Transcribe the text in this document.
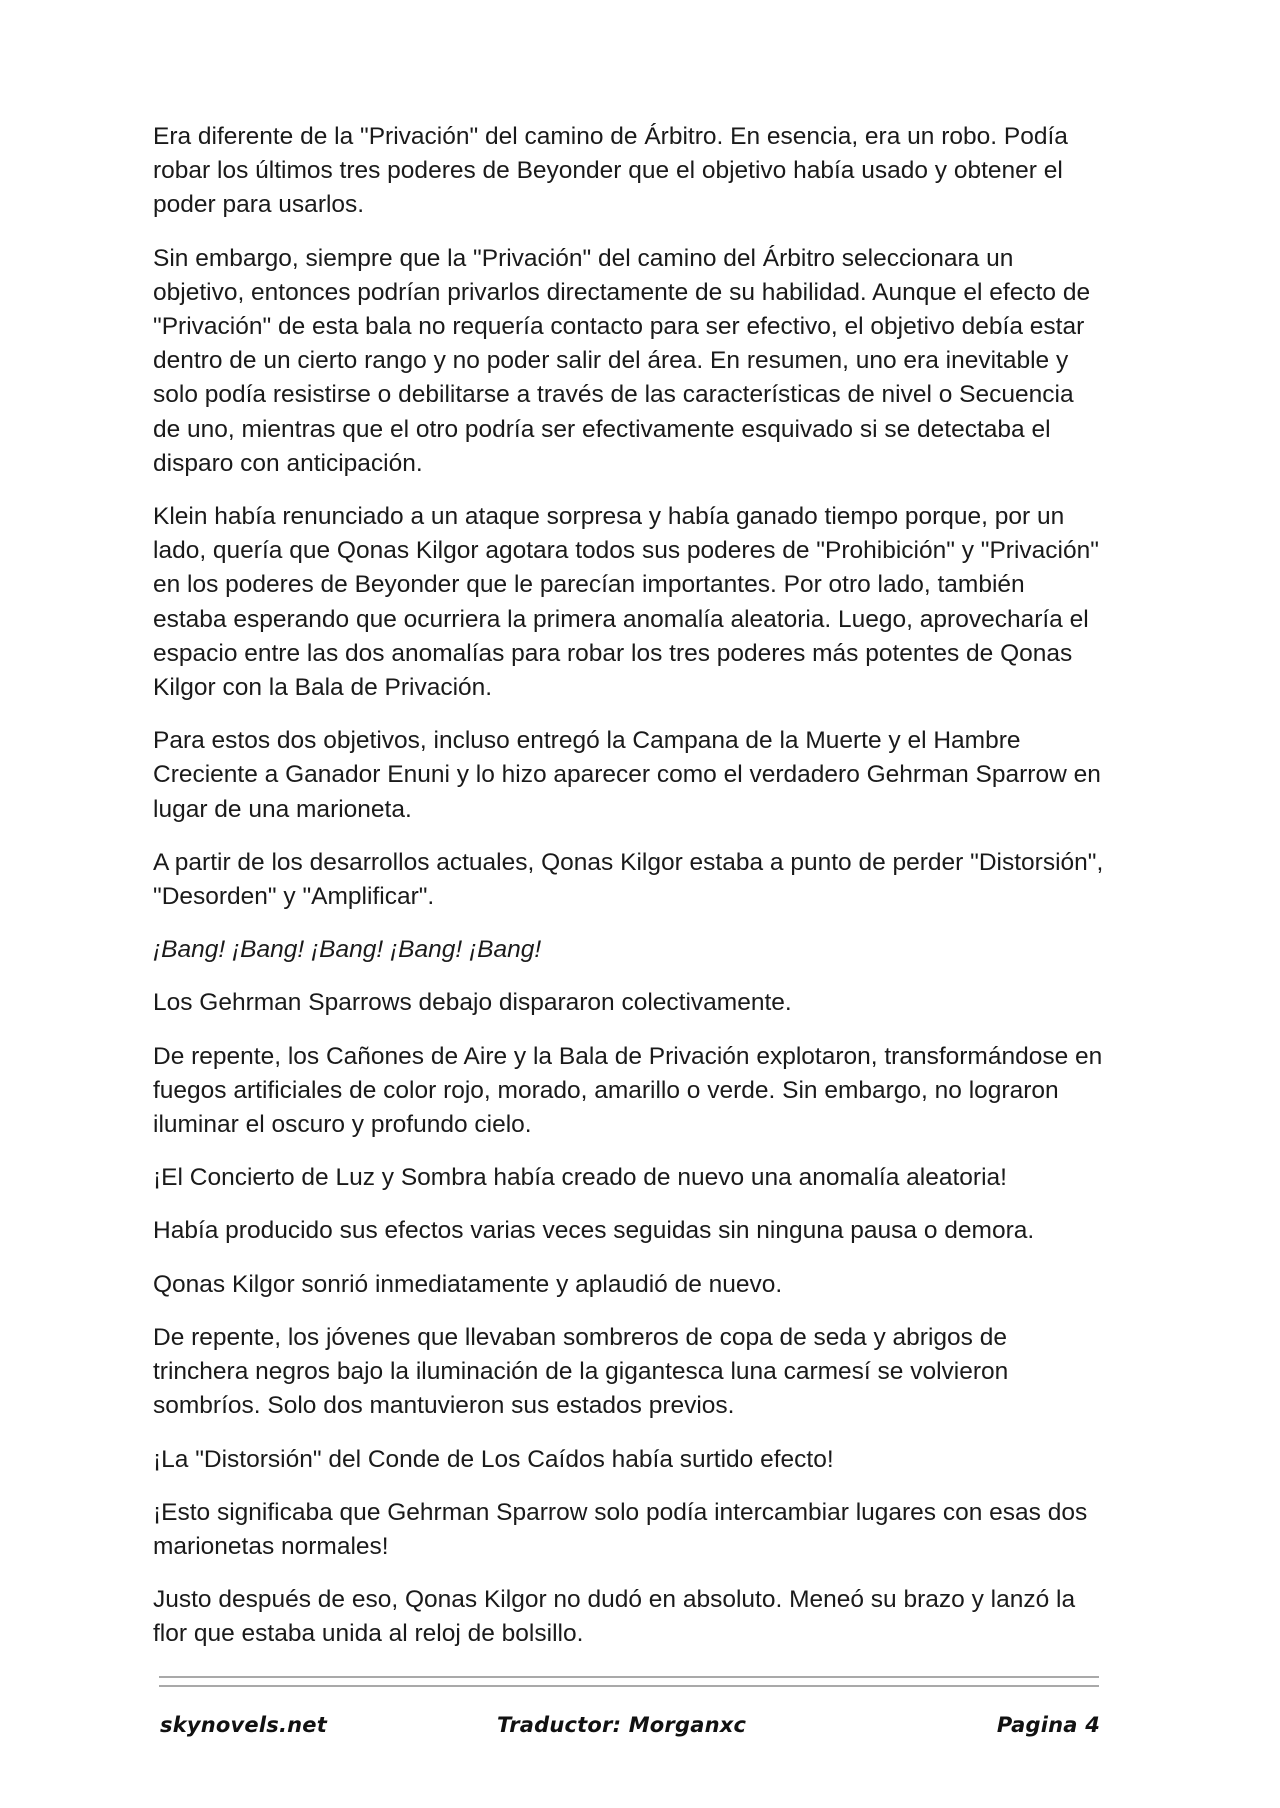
Era diferente de la "Privación" del camino de Árbitro. En esencia, era un robo. Podía robar los últimos tres poderes de Beyonder que el objetivo había usado y obtener el poder para usarlos.

Sin embargo, siempre que la "Privación" del camino del Árbitro seleccionara un objetivo, entonces podrían privarlos directamente de su habilidad. Aunque el efecto de "Privación" de esta bala no requería contacto para ser efectivo, el objetivo debía estar dentro de un cierto rango y no poder salir del área. En resumen, uno era inevitable y solo podía resistirse o debilitarse a través de las características de nivel o Secuencia de uno, mientras que el otro podría ser efectivamente esquivado si se detectaba el disparo con anticipación.

Klein había renunciado a un ataque sorpresa y había ganado tiempo porque, por un lado, quería que Qonas Kilgor agotara todos sus poderes de "Prohibición" y "Privación" en los poderes de Beyonder que le parecían importantes. Por otro lado, también estaba esperando que ocurriera la primera anomalía aleatoria. Luego, aprovecharía el espacio entre las dos anomalías para robar los tres poderes más potentes de Qonas Kilgor con la Bala de Privación.

Para estos dos objetivos, incluso entregó la Campana de la Muerte y el Hambre Creciente a Ganador Enuni y lo hizo aparecer como el verdadero Gehrman Sparrow en lugar de una marioneta.

A partir de los desarrollos actuales, Qonas Kilgor estaba a punto de perder "Distorsión", "Desorden" y "Amplificar".

¡Bang! ¡Bang! ¡Bang! ¡Bang! ¡Bang!

Los Gehrman Sparrows debajo dispararon colectivamente.

De repente, los Cañones de Aire y la Bala de Privación explotaron, transformándose en fuegos artificiales de color rojo, morado, amarillo o verde. Sin embargo, no lograron iluminar el oscuro y profundo cielo.

¡El Concierto de Luz y Sombra había creado de nuevo una anomalía aleatoria!

Había producido sus efectos varias veces seguidas sin ninguna pausa o demora.

Qonas Kilgor sonrió inmediatamente y aplaudió de nuevo.

De repente, los jóvenes que llevaban sombreros de copa de seda y abrigos de trinchera negros bajo la iluminación de la gigantesca luna carmesí se volvieron sombríos. Solo dos mantuvieron sus estados previos.

¡La "Distorsión" del Conde de Los Caídos había surtido efecto!

¡Esto significaba que Gehrman Sparrow solo podía intercambiar lugares con esas dos marionetas normales!

Justo después de eso, Qonas Kilgor no dudó en absoluto. Meneó su brazo y lanzó la flor que estaba unida al reloj de bolsillo.

skynovels.net	Traductor: Morganxc	Pagina 4
